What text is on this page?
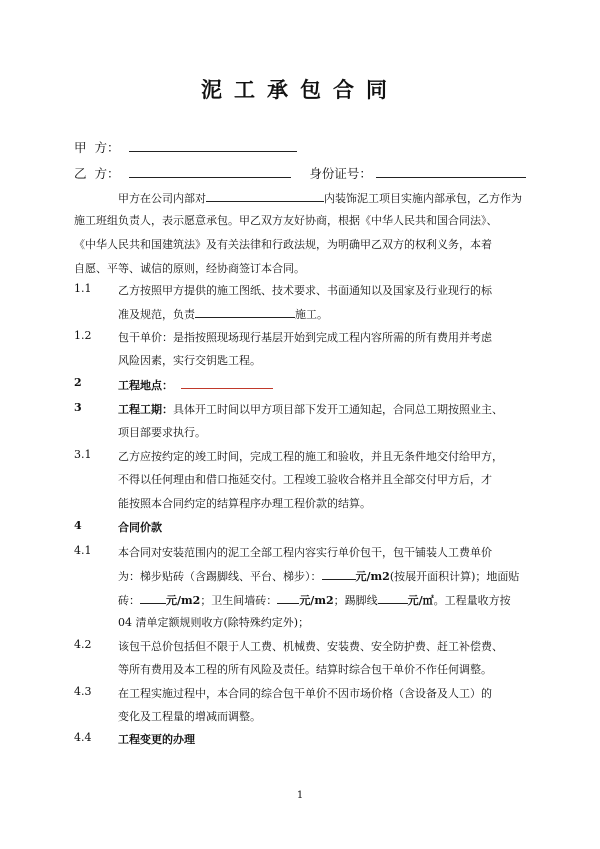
泥工承包合同
甲  方：
乙  方：	身份证号：
甲方在公司内部对	内装饰泥工项目实施内部承包，乙方作为
施工班组负责人，表示愿意承包。甲乙双方友好协商，根据《中华人民共和国合同法》、
《中华人民共和国建筑法》及有关法律和行政法规，为明确甲乙双方的权利义务，本着
自愿、平等、诚信的原则，经协商签订本合同。
1.1 乙方按照甲方提供的施工图纸、技术要求、书面通知以及国家及行业现行的标
准及规范，负责	施工。
1.2 包干单价：是指按照现场现行基层开始到完成工程内容所需的所有费用并考虑
风险因素，实行交钥匙工程。
2	工程地点：
3	工程工期：具体开工时间以甲方项目部下发开工通知起，合同总工期按照业主、
项目部要求执行。
3.1 乙方应按约定的竣工时间，完成工程的施工和验收，并且无条件地交付给甲方，
不得以任何理由和借口拖延交付。工程竣工验收合格并且全部交付甲方后，才
能按照本合同约定的结算程序办理工程价款的结算。
4	合同价款
4.1 本合同对安装范围内的泥工全部工程内容实行单价包干，包干铺装人工费单价
为：梯步贴砖（含踢脚线、平台、梯步）：	元/m2(按展开面积计算)；地面贴
砖： 元/m2；卫生间墙砖： 元/m2；踢脚线	元/㎡。工程量收方按
04 清单定额规则收方(除特殊约定外)；
4.2 该包干总价包括但不限于人工费、机械费、安装费、安全防护费、赶工补偿费、
等所有费用及本工程的所有风险及责任。结算时综合包干单价不作任何调整。
4.3 在工程实施过程中，本合同的综合包干单价不因市场价格（含设备及人工）的
变化及工程量的增减而调整。
4.4 工程变更的办理
1
